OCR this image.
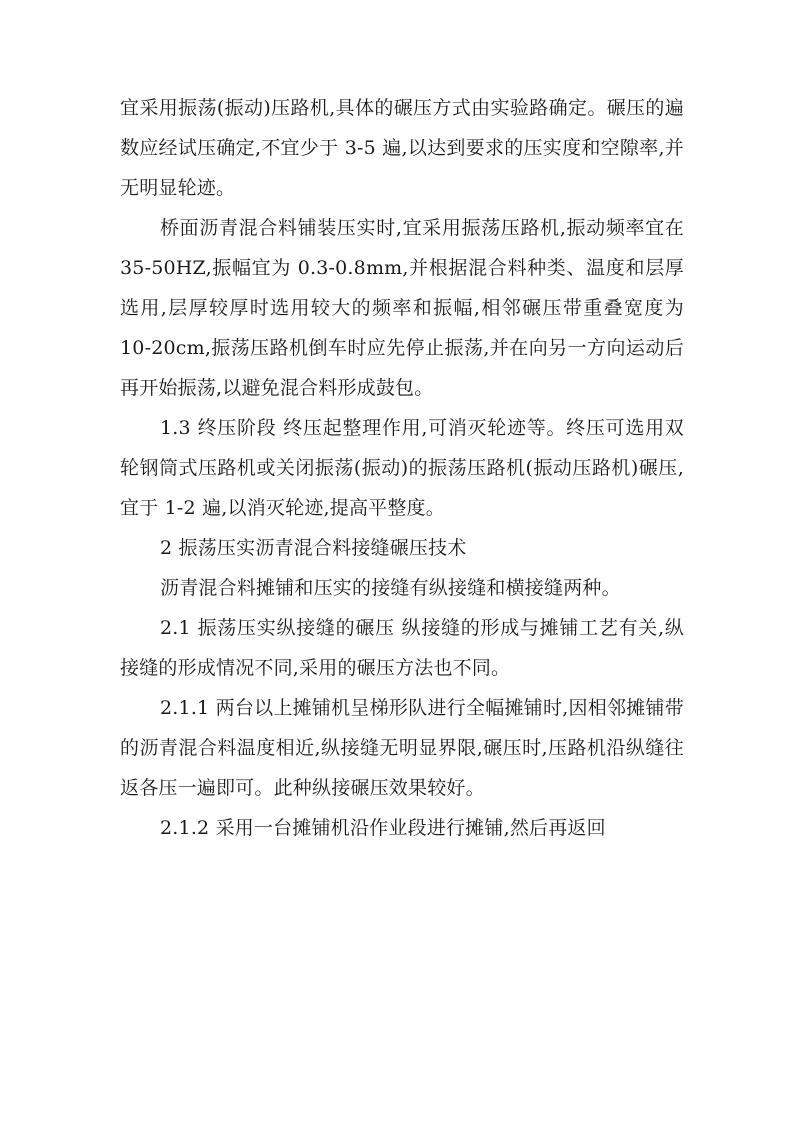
宜采用振荡(振动)压路机,具体的碾压方式由实验路确定。碾压的遍数应经试压确定,不宜少于 3-5 遍,以达到要求的压实度和空隙率,并无明显轮迹。

桥面沥青混合料铺装压实时,宜采用振荡压路机,振动频率宜在 35-50HZ,振幅宜为 0.3-0.8mm,并根据混合料种类、温度和层厚选用,层厚较厚时选用较大的频率和振幅,相邻碾压带重叠宽度为 10-20cm,振荡压路机倒车时应先停止振荡,并在向另一方向运动后再开始振荡,以避免混合料形成鼓包。

1.3 终压阶段 终压起整理作用,可消灭轮迹等。终压可选用双轮钢筒式压路机或关闭振荡(振动)的振荡压路机(振动压路机)碾压,宜于 1-2 遍,以消灭轮迹,提高平整度。

2 振荡压实沥青混合料接缝碾压技术

沥青混合料摊铺和压实的接缝有纵接缝和横接缝两种。

2.1 振荡压实纵接缝的碾压 纵接缝的形成与摊铺工艺有关,纵接缝的形成情况不同,采用的碾压方法也不同。

2.1.1 两台以上摊铺机呈梯形队进行全幅摊铺时,因相邻摊铺带的沥青混合料温度相近,纵接缝无明显界限,碾压时,压路机沿纵缝往返各压一遍即可。此种纵接碾压效果较好。

2.1.2 采用一台摊铺机沿作业段进行摊铺,然后再返回
